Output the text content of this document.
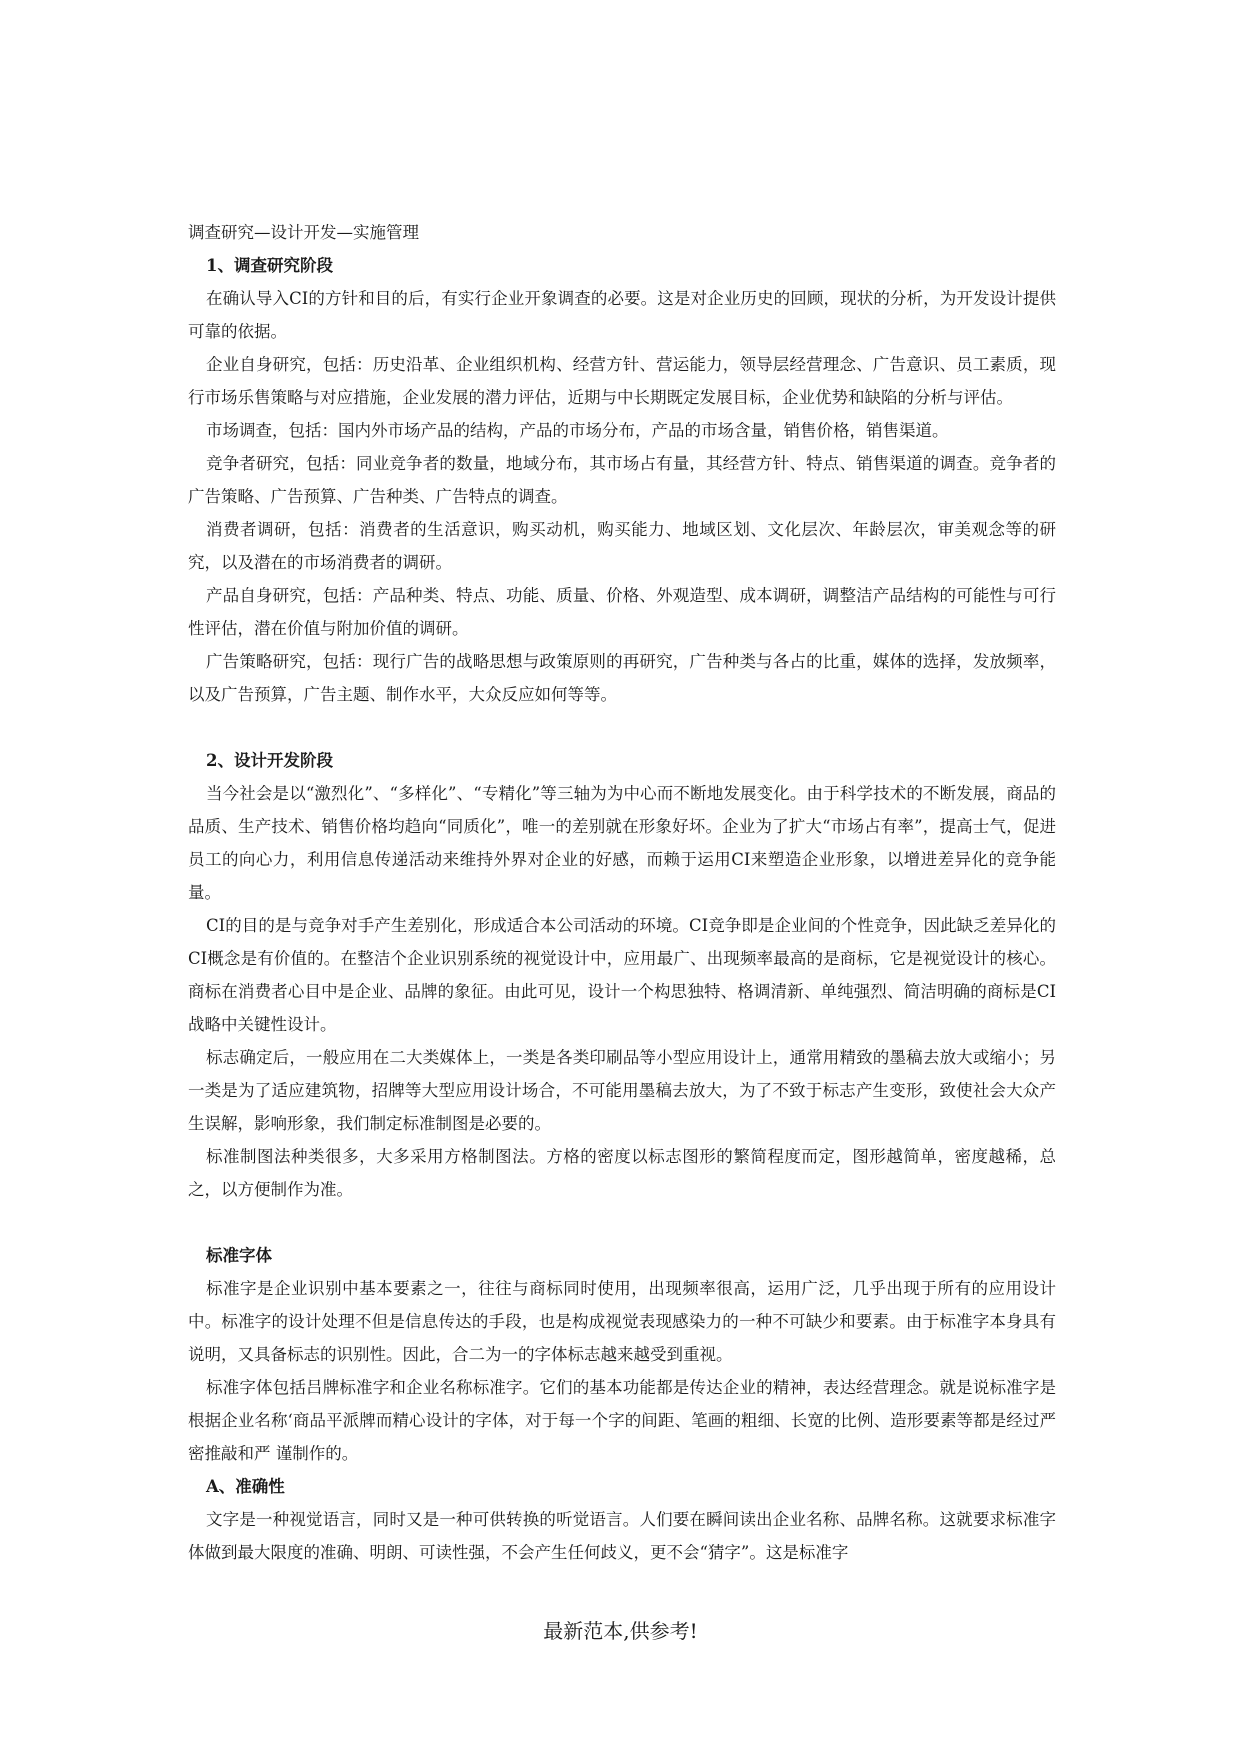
调查研究—设计开发—实施管理

1、调查研究阶段

在确认导入CI的方针和目的后，有实行企业开象调查的必要。这是对企业历史的回顾，现状的分析，为开发设计提供可靠的依据。

企业自身研究，包括：历史沿革、企业组织机构、经营方针、营运能力，领导层经营理念、广告意识、员工素质，现行市场乐售策略与对应措施，企业发展的潜力评估，近期与中长期既定发展目标，企业优势和缺陷的分析与评估。

市场调查，包括：国内外市场产品的结构，产品的市场分布，产品的市场含量，销售价格，销售渠道。

竞争者研究，包括：同业竞争者的数量，地域分布，其市场占有量，其经营方针、特点、销售渠道的调查。竞争者的广告策略、广告预算、广告种类、广告特点的调查。

消费者调研，包括：消费者的生活意识，购买动机，购买能力、地域区划、文化层次、年龄层次，审美观念等的研究，以及潜在的市场消费者的调研。

产品自身研究，包括：产品种类、特点、功能、质量、价格、外观造型、成本调研，调整洁产品结构的可能性与可行性评估，潜在价值与附加价值的调研。

广告策略研究，包括：现行广告的战略思想与政策原则的再研究，广告种类与各占的比重，媒体的选择，发放频率，以及广告预算，广告主题、制作水平，大众反应如何等等。

2、设计开发阶段

当今社会是以“激烈化”、“多样化”、“专精化”等三轴为为中心而不断地发展变化。由于科学技术的不断发展，商品的品质、生产技术、销售价格均趋向“同质化”，唯一的差别就在形象好坏。企业为了扩大“市场占有率”，提高士气，促进员工的向心力，利用信息传递活动来维持外界对企业的好感，而赖于运用CI来塑造企业形象，以增进差异化的竞争能量。

CI的目的是与竞争对手产生差别化，形成适合本公司活动的环境。CI竞争即是企业间的个性竞争，因此缺乏差异化的CI概念是有价值的。在整洁个企业识别系统的视觉设计中，应用最广、出现频率最高的是商标，它是视觉设计的核心。商标在消费者心目中是企业、品牌的象征。由此可见，设计一个构思独特、格调清新、单纯强烈、简洁明确的商标是CI战略中关键性设计。

标志确定后，一般应用在二大类媒体上，一类是各类印刷品等小型应用设计上，通常用精致的墨稿去放大或缩小；另一类是为了适应建筑物，招牌等大型应用设计场合，不可能用墨稿去放大，为了不致于标志产生变形，致使社会大众产生误解，影响形象，我们制定标准制图是必要的。

标准制图法种类很多，大多采用方格制图法。方格的密度以标志图形的繁简程度而定，图形越简单，密度越稀，总之，以方便制作为准。

标准字体

标准字是企业识别中基本要素之一，往往与商标同时使用，出现频率很高，运用广泛，几乎出现于所有的应用设计中。标准字的设计处理不但是信息传达的手段，也是构成视觉表现感染力的一种不可缺少和要素。由于标准字本身具有说明，又具备标志的识别性。因此，合二为一的字体标志越来越受到重视。

标准字体包括吕牌标准字和企业名称标准字。它们的基本功能都是传达企业的精神，表达经营理念。就是说标准字是根据企业名称‘商品平派牌而精心设计的字体，对于每一个字的间距、笔画的粗细、长宽的比例、造形要素等都是经过严密推敲和严 谨制作的。

A、准确性

文字是一种视觉语言，同时又是一种可供转换的听觉语言。人们要在瞬间读出企业名称、品牌名称。这就要求标准字体做到最大限度的准确、明朗、可读性强，不会产生任何歧义，更不会“猜字”。这是标准字

最新范本,供参考!
